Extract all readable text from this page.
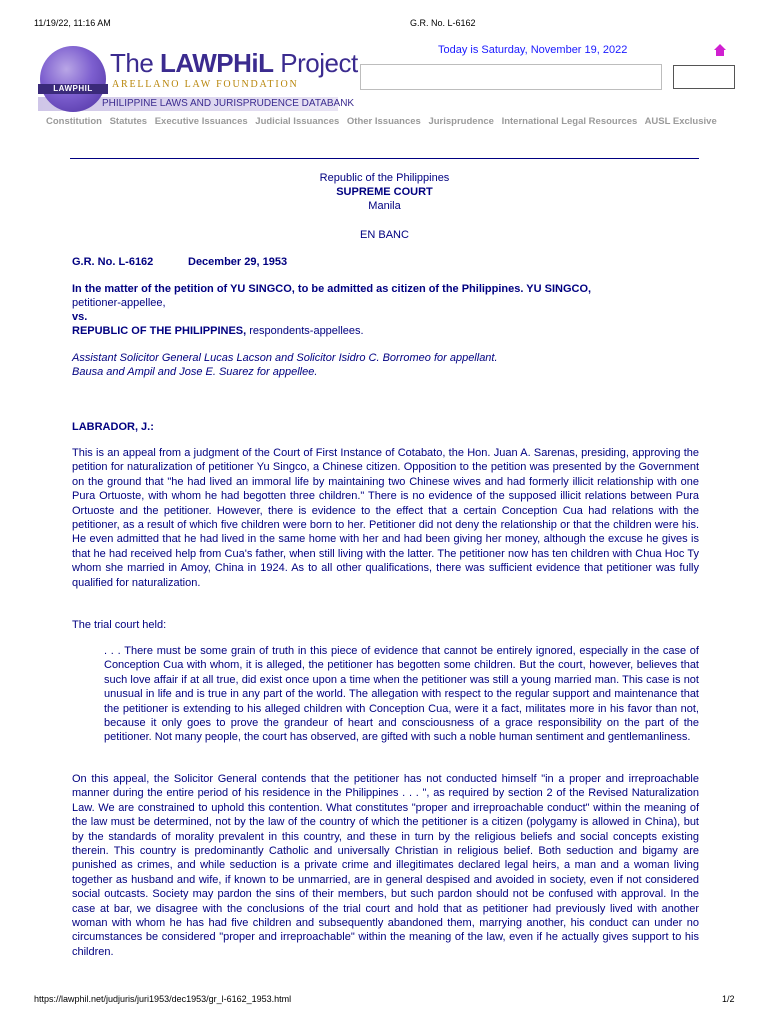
11/19/22, 11:16 AM	G.R. No. L-6162
LAWPHIL
The LAWPHiL Project
ARELLANO LAW FOUNDATION
PHILIPPINE LAWS AND JURISPRUDENCE DATABANK
Today is Saturday, November 19, 2022
Constitution Statutes Executive Issuances Judicial Issuances Other Issuances Jurisprudence International Legal Resources AUSL Exclusive
Republic of the Philippines
SUPREME COURT
Manila
EN BANC
G.R. No. L-6162	December 29, 1953
In the matter of the petition of YU SINGCO, to be admitted as citizen of the Philippines. YU SINGCO,
petitioner-appellee,
vs.
REPUBLIC OF THE PHILIPPINES, respondents-appellees.
Assistant Solicitor General Lucas Lacson and Solicitor Isidro C. Borromeo for appellant.
Bausa and Ampil and Jose E. Suarez for appellee.
LABRADOR, J.:
This is an appeal from a judgment of the Court of First Instance of Cotabato, the Hon. Juan A. Sarenas, presiding, approving the petition for naturalization of petitioner Yu Singco, a Chinese citizen. Opposition to the petition was presented by the Government on the ground that "he had lived an immoral life by maintaining two Chinese wives and had formerly illicit relationship with one Pura Ortuoste, with whom he had begotten three children." There is no evidence of the supposed illicit relations between Pura Ortuoste and the petitioner. However, there is evidence to the effect that a certain Conception Cua had relations with the petitioner, as a result of which five children were born to her. Petitioner did not deny the relationship or that the children were his. He even admitted that he had lived in the same home with her and had been giving her money, although the excuse he gives is that he had received help from Cua's father, when still living with the latter. The petitioner now has ten children with Chua Hoc Ty whom she married in Amoy, China in 1924. As to all other qualifications, there was sufficient evidence that petitioner was fully qualified for naturalization.
The trial court held:
. . . There must be some grain of truth in this piece of evidence that cannot be entirely ignored, especially in the case of Conception Cua with whom, it is alleged, the petitioner has begotten some children. But the court, however, believes that such love affair if at all true, did exist once upon a time when the petitioner was still a young married man. This case is not unusual in life and is true in any part of the world. The allegation with respect to the regular support and maintenance that the petitioner is extending to his alleged children with Conception Cua, were it a fact, militates more in his favor than not, because it only goes to prove the grandeur of heart and consciousness of a grace responsibility on the part of the petitioner. Not many people, the court has observed, are gifted with such a noble human sentiment and gentlemanliness.
On this appeal, the Solicitor General contends that the petitioner has not conducted himself "in a proper and irreproachable manner during the entire period of his residence in the Philippines . . . ", as required by section 2 of the Revised Naturalization Law. We are constrained to uphold this contention. What constitutes "proper and irreproachable conduct" within the meaning of the law must be determined, not by the law of the country of which the petitioner is a citizen (polygamy is allowed in China), but by the standards of morality prevalent in this country, and these in turn by the religious beliefs and social concepts existing therein. This country is predominantly Catholic and universally Christian in religious belief. Both seduction and bigamy are punished as crimes, and while seduction is a private crime and illegitimates declared legal heirs, a man and a woman living together as husband and wife, if known to be unmarried, are in general despised and avoided in society, even if not considered social outcasts. Society may pardon the sins of their members, but such pardon should not be confused with approval. In the case at bar, we disagree with the conclusions of the trial court and hold that as petitioner had previously lived with another woman with whom he has had five children and subsequently abandoned them, marrying another, his conduct can under no circumstances be considered "proper and irreproachable" within the meaning of the law, even if he actually gives support to his children.
https://lawphil.net/judjuris/juri1953/dec1953/gr_l-6162_1953.html	1/2
